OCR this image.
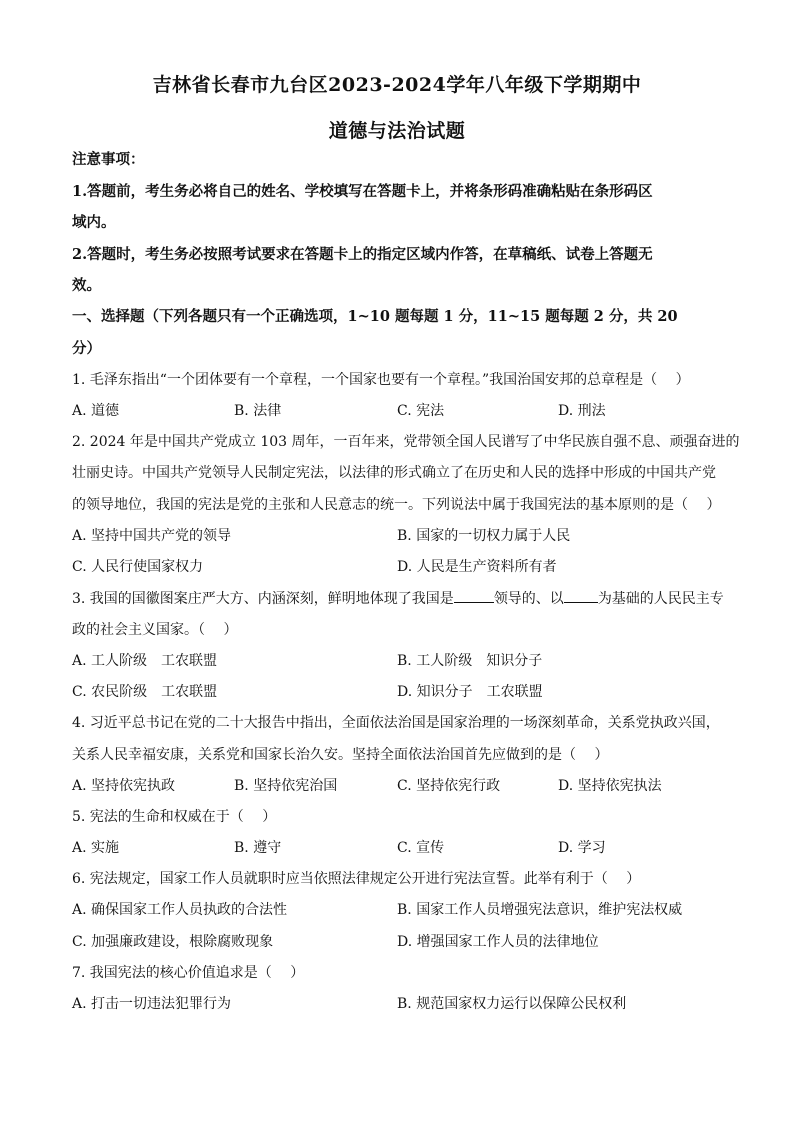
吉林省长春市九台区2023-2024学年八年级下学期期中
道德与法治试题
注意事项：
1.答题前，考生务必将自己的姓名、学校填写在答题卡上，并将条形码准确粘贴在条形码区
域内。
2.答题时，考生务必按照考试要求在答题卡上的指定区域内作答，在草稿纸、试卷上答题无
效。
一、选择题（下列各题只有一个正确选项，1~10 题每题 1 分，11~15 题每题 2 分，共 20
分）
1. 毛泽东指出“一个团体要有一个章程，一个国家也要有一个章程。”我国治国安邦的总章程是（　 ）
A. 道德	B. 法律	C. 宪法	D. 刑法
2. 2024 年是中国共产党成立 103 周年，一百年来，党带领全国人民谱写了中华民族自强不息、顽强奋进的
壮丽史诗。中国共产党领导人民制定宪法，以法律的形式确立了在历史和人民的选择中形成的中国共产党
的领导地位，我国的宪法是党的主张和人民意志的统一。下列说法中属于我国宪法的基本原则的是（　 ）
A. 坚持中国共产党的领导	B. 国家的一切权力属于人民
C. 人民行使国家权力	D. 人民是生产资料所有者
3. 我国的国徽图案庄严大方、内涵深刻，鲜明地体现了我国是	领导的、以 为基础的人民民主专
政的社会主义国家。（　 ）
A. 工人阶级　工农联盟	B. 工人阶级　知识分子
C. 农民阶级　工农联盟	D. 知识分子　工农联盟
4. 习近平总书记在党的二十大报告中指出，全面依法治国是国家治理的一场深刻革命，关系党执政兴国，
关系人民幸福安康，关系党和国家长治久安。坚持全面依法治国首先应做到的是（　 ）
A. 坚持依宪执政	B. 坚持依宪治国	C. 坚持依宪行政	D. 坚持依宪执法
5. 宪法的生命和权威在于（　 ）
A. 实施	B. 遵守	C. 宣传	D. 学习
6. 宪法规定，国家工作人员就职时应当依照法律规定公开进行宪法宣誓。此举有利于（　 ）
A. 确保国家工作人员执政的合法性	B. 国家工作人员增强宪法意识，维护宪法权威
C. 加强廉政建设，根除腐败现象	D. 增强国家工作人员的法律地位
7. 我国宪法的核心价值追求是（　 ）
A. 打击一切违法犯罪行为	B. 规范国家权力运行以保障公民权利
